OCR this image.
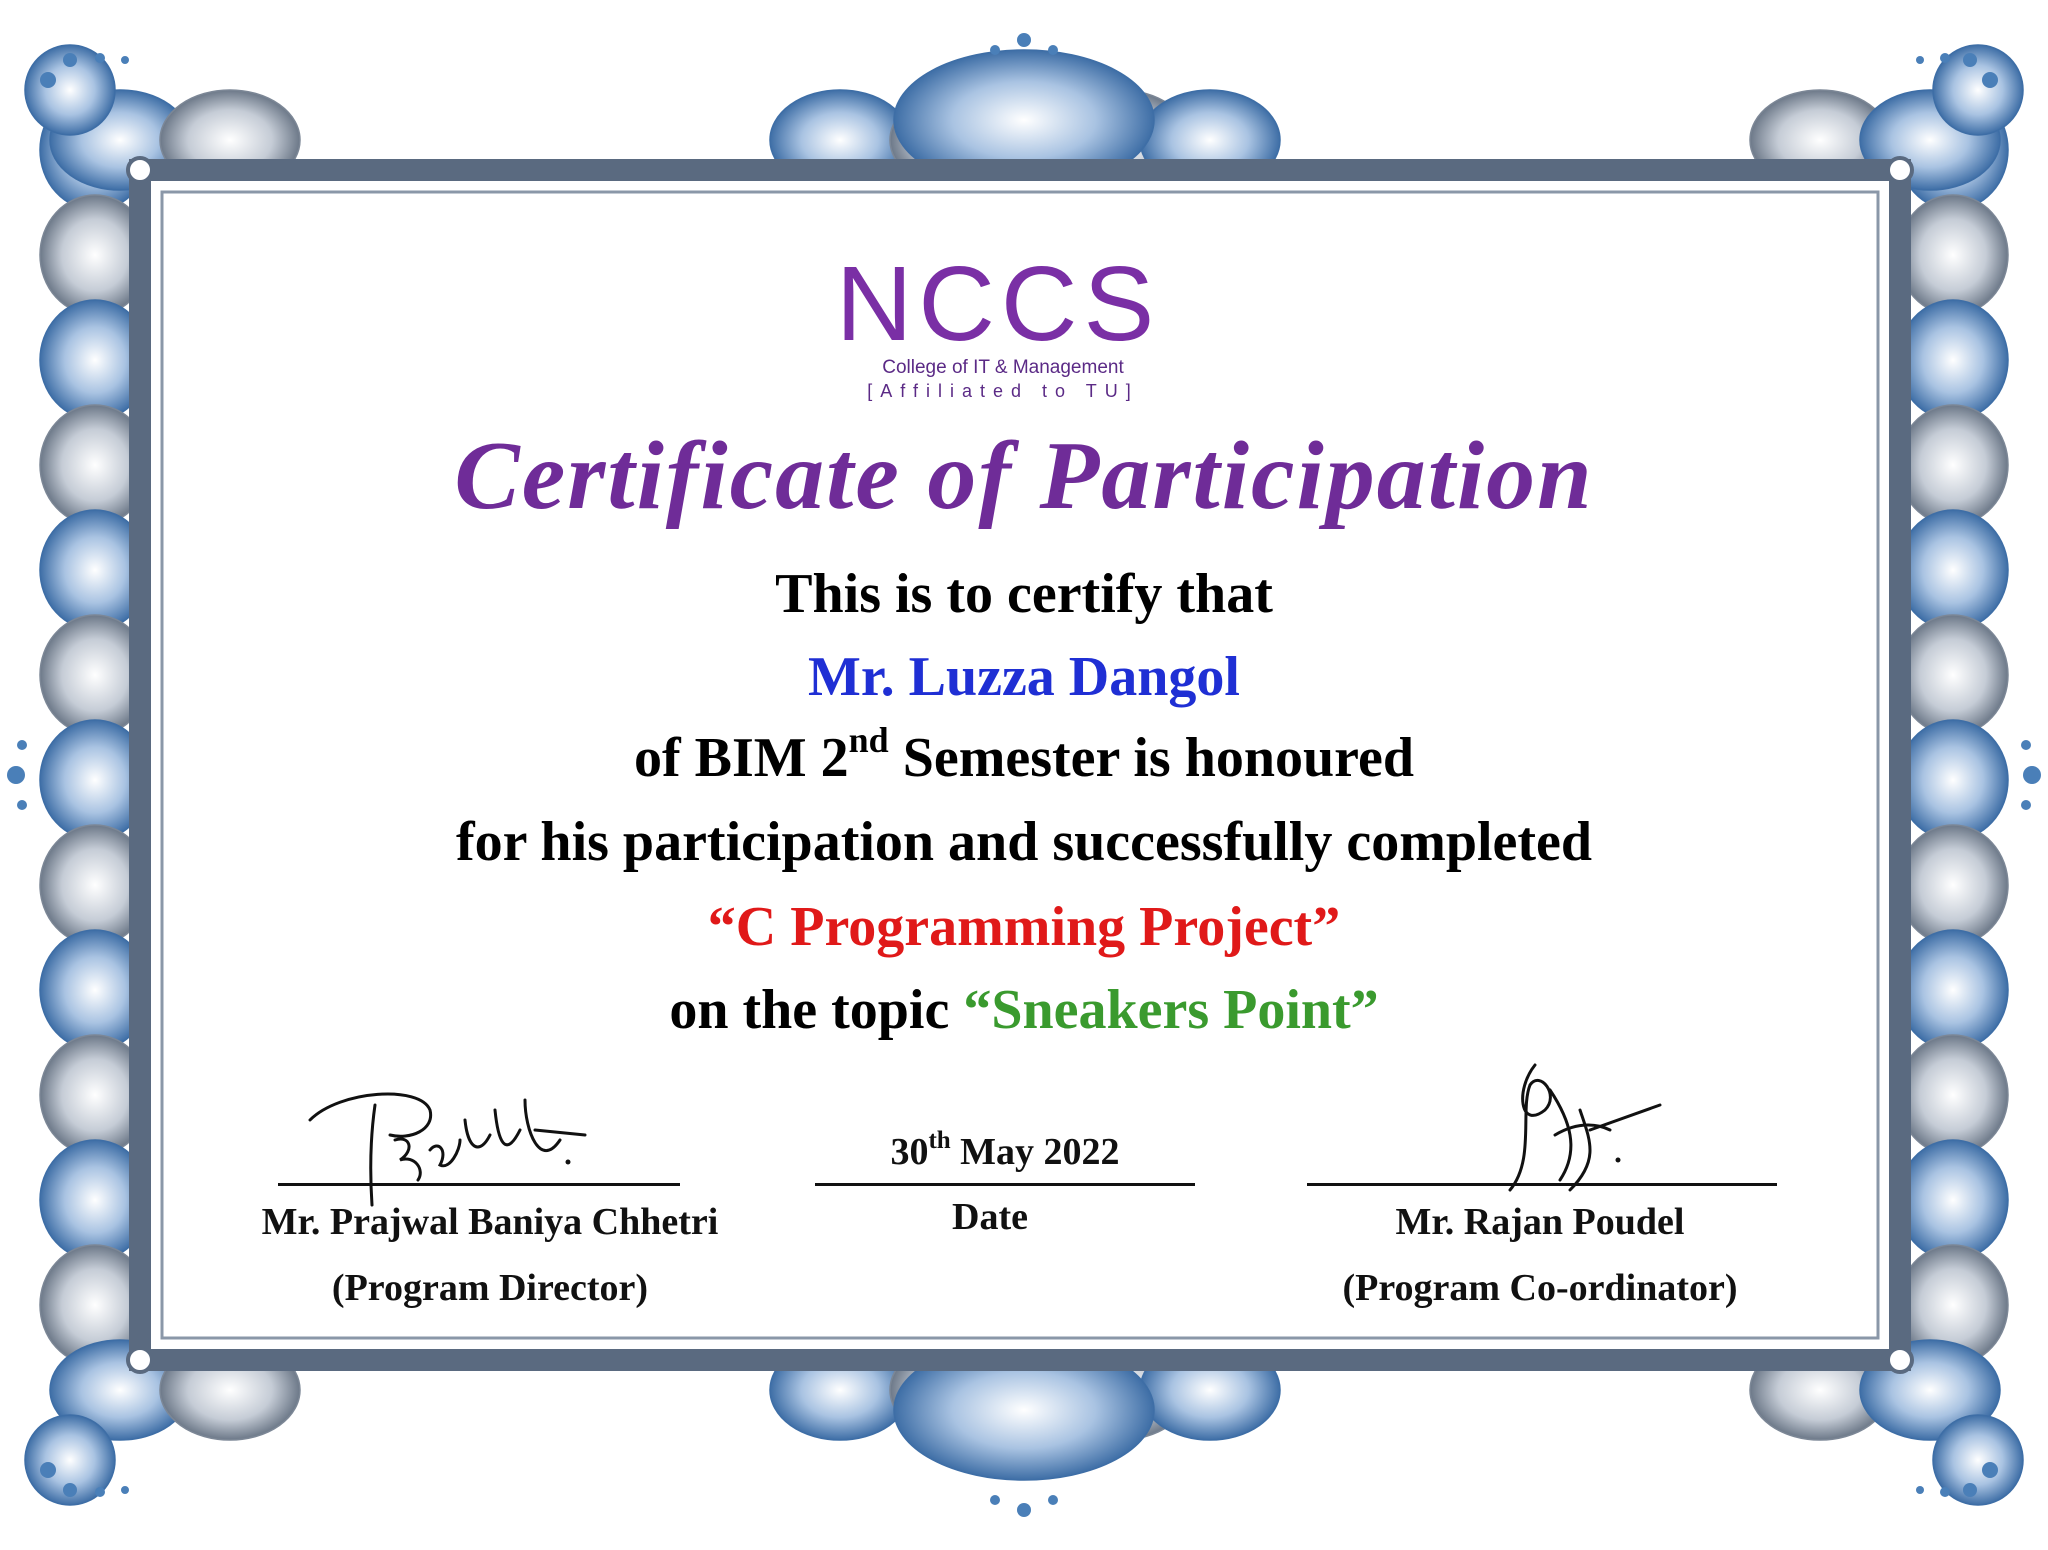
NCCS
College of IT & Management
[Affiliated to TU]
Certificate of Participation
This is to certify that
Mr. Luzza Dangol
of BIM 2nd Semester is honoured
for his participation and successfully completed
“C Programming Project”
on the topic “Sneakers Point”
Mr. Prajwal Baniya Chhetri
(Program Director)
30th May 2022
Date	Mr. Rajan Poudel
(Program Co-ordinator)
